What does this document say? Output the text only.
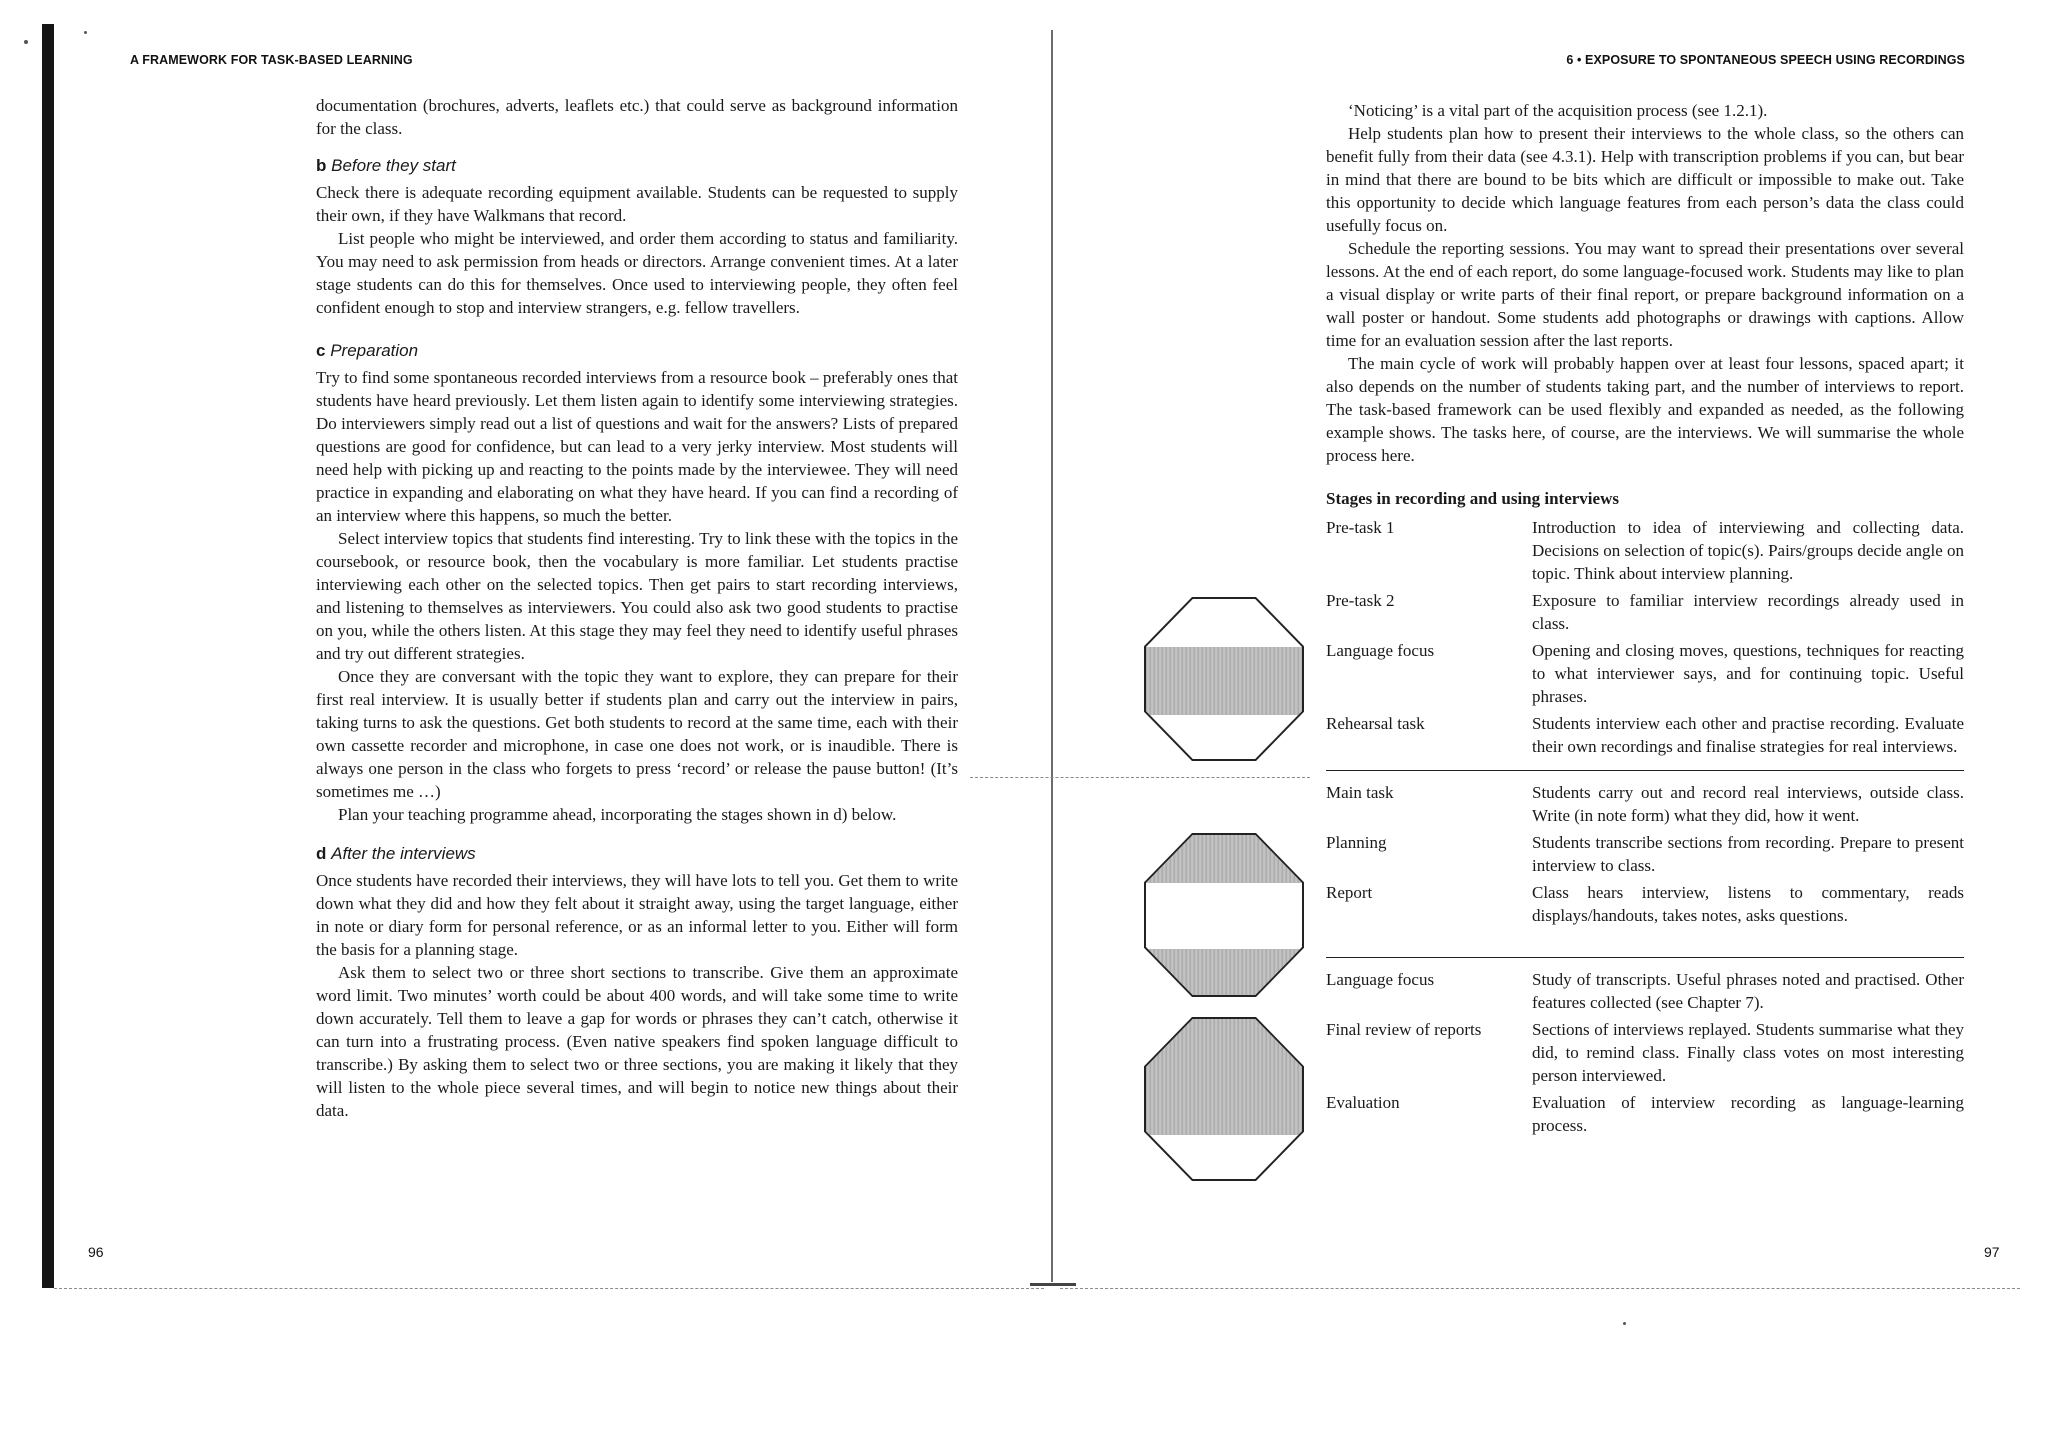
A FRAMEWORK FOR TASK-BASED LEARNING
96

documentation (brochures, adverts, leaflets etc.) that could serve as background information for the class.

b Before they start

Check there is adequate recording equipment available. Students can be requested to supply their own, if they have Walkmans that record.

List people who might be interviewed, and order them according to status and familiarity. You may need to ask permission from heads or directors. Arrange convenient times. At a later stage students can do this for themselves. Once used to interviewing people, they often feel confident enough to stop and interview strangers, e.g. fellow travellers.

c Preparation

Try to find some spontaneous recorded interviews from a resource book – preferably ones that students have heard previously. Let them listen again to identify some interviewing strategies. Do interviewers simply read out a list of questions and wait for the answers? Lists of prepared questions are good for confidence, but can lead to a very jerky interview. Most students will need help with picking up and reacting to the points made by the interviewee. They will need practice in expanding and elaborating on what they have heard. If you can find a recording of an interview where this happens, so much the better.

Select interview topics that students find interesting. Try to link these with the topics in the coursebook, or resource book, then the vocabulary is more familiar. Let students practise interviewing each other on the selected topics. Then get pairs to start recording interviews, and listening to themselves as interviewers. You could also ask two good students to practise on you, while the others listen. At this stage they may feel they need to identify useful phrases and try out different strategies.

Once they are conversant with the topic they want to explore, they can prepare for their first real interview. It is usually better if students plan and carry out the interview in pairs, taking turns to ask the questions. Get both students to record at the same time, each with their own cassette recorder and microphone, in case one does not work, or is inaudible. There is always one person in the class who forgets to press ‘record’ or release the pause button! (It’s sometimes me …)

Plan your teaching programme ahead, incorporating the stages shown in d) below.

d After the interviews

Once students have recorded their interviews, they will have lots to tell you. Get them to write down what they did and how they felt about it straight away, using the target language, either in note or diary form for personal reference, or as an informal letter to you. Either will form the basis for a planning stage.

Ask them to select two or three short sections to transcribe. Give them an approximate word limit. Two minutes’ worth could be about 400 words, and will take some time to write down accurately. Tell them to leave a gap for words or phrases they can’t catch, otherwise it can turn into a frustrating process. (Even native speakers find spoken language difficult to transcribe.) By asking them to select two or three sections, you are making it likely that they will listen to the whole piece several times, and will begin to notice new things about their data.

6 • EXPOSURE TO SPONTANEOUS SPEECH USING RECORDINGS
97

‘Noticing’ is a vital part of the acquisition process (see 1.2.1).

Help students plan how to present their interviews to the whole class, so the others can benefit fully from their data (see 4.3.1). Help with transcription problems if you can, but bear in mind that there are bound to be bits which are difficult or impossible to make out. Take this opportunity to decide which language features from each person’s data the class could usefully focus on.

Schedule the reporting sessions. You may want to spread their presentations over several lessons. At the end of each report, do some language-focused work. Students may like to plan a visual display or write parts of their final report, or prepare background information on a wall poster or handout. Some students add photographs or drawings with captions. Allow time for an evaluation session after the last reports.

The main cycle of work will probably happen over at least four lessons, spaced apart; it also depends on the number of students taking part, and the number of interviews to report. The task-based framework can be used flexibly and expanded as needed, as the following example shows. The tasks here, of course, are the interviews. We will summarise the whole process here.

Stages in recording and using interviews
Pre-task 1	Introduction to idea of interviewing and collecting data. Decisions on selection of topic(s). Pairs/groups decide angle on topic. Think about interview planning.
Pre-task 2	Exposure to familiar interview recordings already used in class.
Language focus	Opening and closing moves, questions, techniques for reacting to what interviewer says, and for continuing topic. Useful phrases.
Rehearsal task	Students interview each other and practise recording. Evaluate their own recordings and finalise strategies for real interviews.
Main task	Students carry out and record real interviews, outside class. Write (in note form) what they did, how it went.
Planning	Students transcribe sections from recording. Prepare to present interview to class.
Report	Class hears interview, listens to commentary, reads displays/handouts, takes notes, asks questions.
Language focus	Study of transcripts. Useful phrases noted and practised. Other features collected (see Chapter 7).
Final review of reports	Sections of interviews replayed. Students summarise what they did, to remind class. Finally class votes on most interesting person interviewed.
Evaluation	Evaluation of interview recording as language-learning process.
